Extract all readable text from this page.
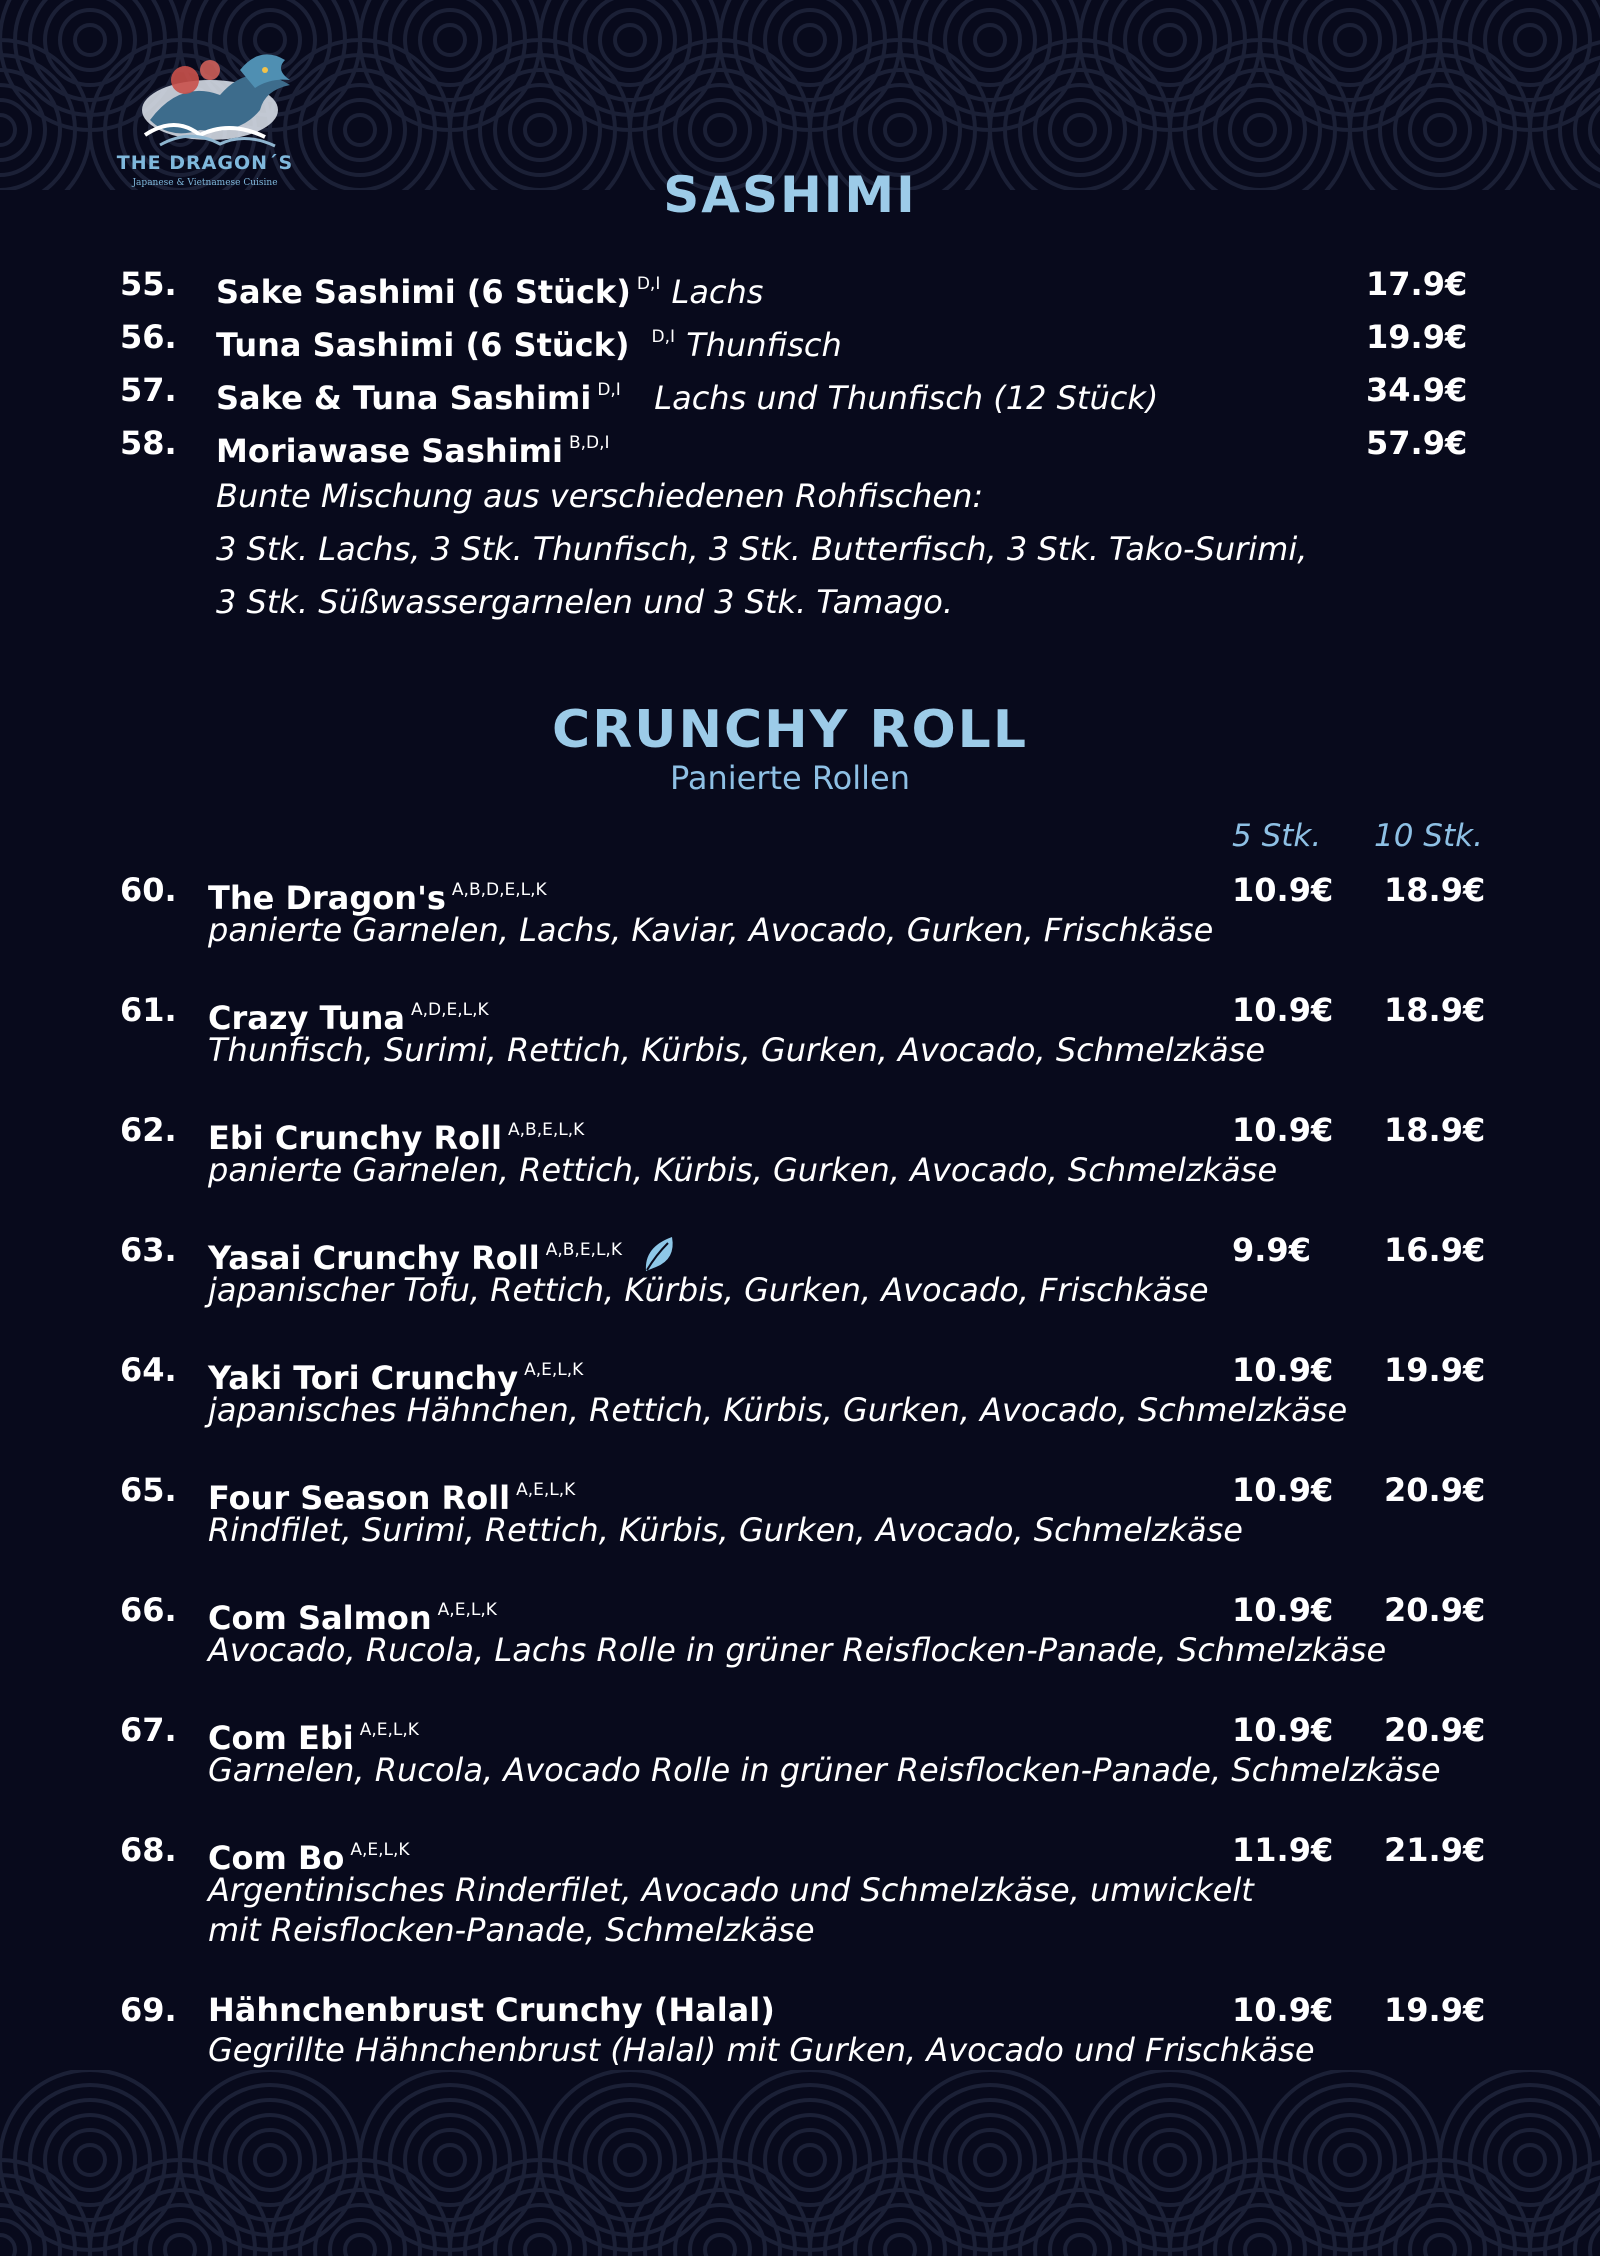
THE DRAGON´S
Japanese & Vietnamese Cuisine	SASHIMI
55. Sake Sashimi (6 Stück) $^{D,I}$ Lachs	17.9€
56. Tuna Sashimi (6 Stück) $^{D,I}$ Thunfisch	19.9€
57. Sake & Tuna Sashimi $^{D,I}$ Lachs und Thunfisch (12 Stück)	34.9€
58. Moriawase Sashimi $^{B,D,I}$	57.9€
Bunte Mischung aus verschiedenen Rohfischen:
3 Stk. Lachs, 3 Stk. Thunfisch, 3 Stk. Butterfisch, 3 Stk. Tako-Surimi,
3 Stk. Süßwassergarnelen und 3 Stk. Tamago.
CRUNCHY ROLL
Panierte Rollen
5 Stk. 10 Stk.
60. The Dragon's $^{A,B,D,E,L,K}$	10.9€ 18.9€
panierte Garnelen, Lachs, Kaviar, Avocado, Gurken, Frischkäse
61. Crazy Tuna $^{A,D,E,L,K}$	10.9€ 18.9€
Thunfisch, Surimi, Rettich, Kürbis, Gurken, Avocado, Schmelzkäse
62. Ebi Crunchy Roll $^{A,B,E,L,K}$	10.9€ 18.9€
panierte Garnelen, Rettich, Kürbis, Gurken, Avocado, Schmelzkäse
63. Yasai Crunchy Roll $^{A,B,E,L,K}$	9.9€ 16.9€
japanischer Tofu, Rettich, Kürbis, Gurken, Avocado, Frischkäse
64. Yaki Tori Crunchy $^{A,E,L,K}$	10.9€ 19.9€
japanisches Hähnchen, Rettich, Kürbis, Gurken, Avocado, Schmelzkäse
65. Four Season Roll $^{A,E,L,K}$	10.9€ 20.9€
Rindfilet, Surimi, Rettich, Kürbis, Gurken, Avocado, Schmelzkäse
66. Com Salmon $^{A,E,L,K}$	10.9€ 20.9€
Avocado, Rucola, Lachs Rolle in grüner Reisflocken-Panade, Schmelzkäse
67. Com Ebi $^{A,E,L,K}$	10.9€ 20.9€
Garnelen, Rucola, Avocado Rolle in grüner Reisflocken-Panade, Schmelzkäse
68. Com Bo $^{A,E,L,K}$	11.9€ 21.9€
Argentinisches Rinderfilet, Avocado und Schmelzkäse, umwickelt
mit Reisflocken-Panade, Schmelzkäse
69. Hähnchenbrust Crunchy (Halal)	10.9€ 19.9€
Gegrillte Hähnchenbrust (Halal) mit Gurken, Avocado und Frischkäse
